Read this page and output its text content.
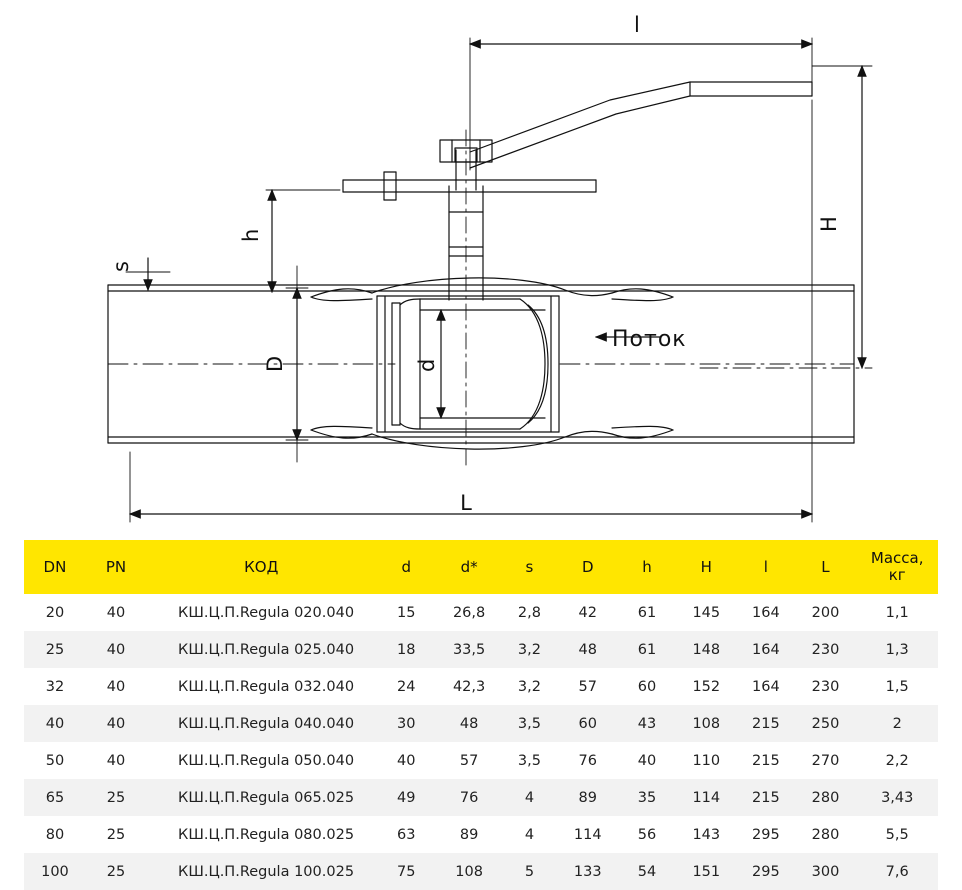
l
H
h
s
D	d
L
Поток
DN	PN	КОД	d	d*	s	D	h	H	l	L	Масса,
кг

20	40	КШ.Ц.П.Regula 020.040	15	26,8	2,8	42	61	145	164	200	1,1
25	40	КШ.Ц.П.Regula 025.040	18	33,5	3,2	48	61	148	164	230	1,3
32	40	КШ.Ц.П.Regula 032.040	24	42,3	3,2	57	60	152	164	230	1,5
40	40	КШ.Ц.П.Regula 040.040	30	48	3,5	60	43	108	215	250	2
50	40	КШ.Ц.П.Regula 050.040	40	57	3,5	76	40	110	215	270	2,2
65	25	КШ.Ц.П.Regula 065.025	49	76	4	89	35	114	215	280	3,43
80	25	КШ.Ц.П.Regula 080.025	63	89	4	114	56	143	295	280	5,5
100	25	КШ.Ц.П.Regula 100.025	75	108	5	133	54	151	295	300	7,6
